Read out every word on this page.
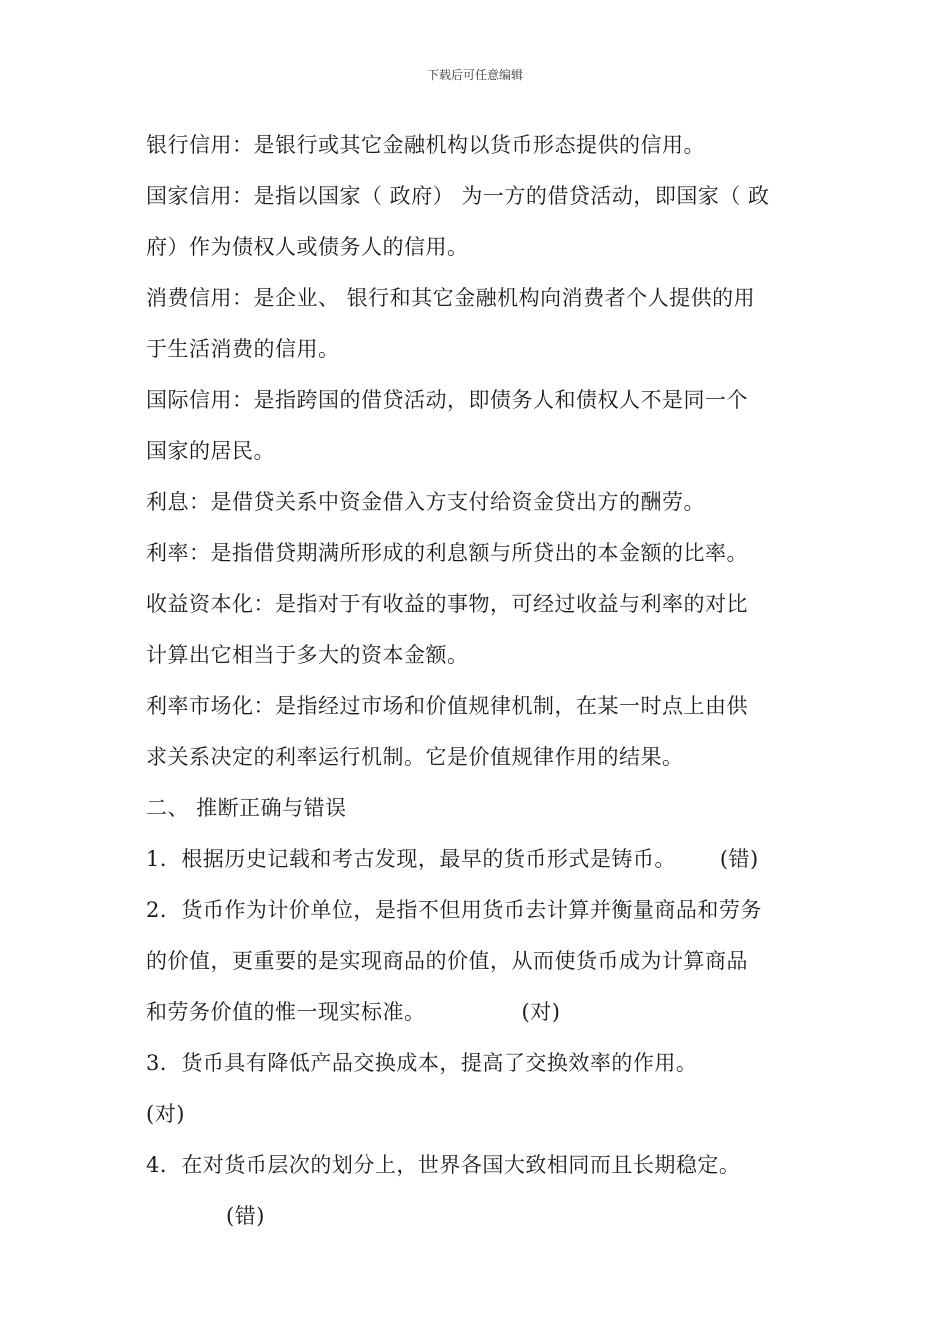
下载后可任意编辑
银行信用：是银行或其它金融机构以货币形态提供的信用。
国家信用：是指以国家（ 政府） 为一方的借贷活动，即国家（ 政
府）作为债权人或债务人的信用。
消费信用：是企业、 银行和其它金融机构向消费者个人提供的用
于生活消费的信用。
国际信用：是指跨国的借贷活动，即债务人和债权人不是同一个
国家的居民。
利息：是借贷关系中资金借入方支付给资金贷出方的酬劳。
利率：是指借贷期满所形成的利息额与所贷出的本金额的比率。
收益资本化：是指对于有收益的事物，可经过收益与利率的对比
计算出它相当于多大的资本金额。
利率市场化：是指经过市场和价值规律机制，在某一时点上由供
求关系决定的利率运行机制。它是价值规律作用的结果。
二、 推断正确与错误
1．根据历史记载和考古发现，最早的货币形式是铸币。 (错)
2．货币作为计价单位，是指不但用货币去计算并衡量商品和劳务
的价值，更重要的是实现商品的价值，从而使货币成为计算商品
和劳务价值的惟一现实标准。	(对)
3．货币具有降低产品交换成本，提高了交换效率的作用。
(对)
4．在对货币层次的划分上，世界各国大致相同而且长期稳定。
(错)
